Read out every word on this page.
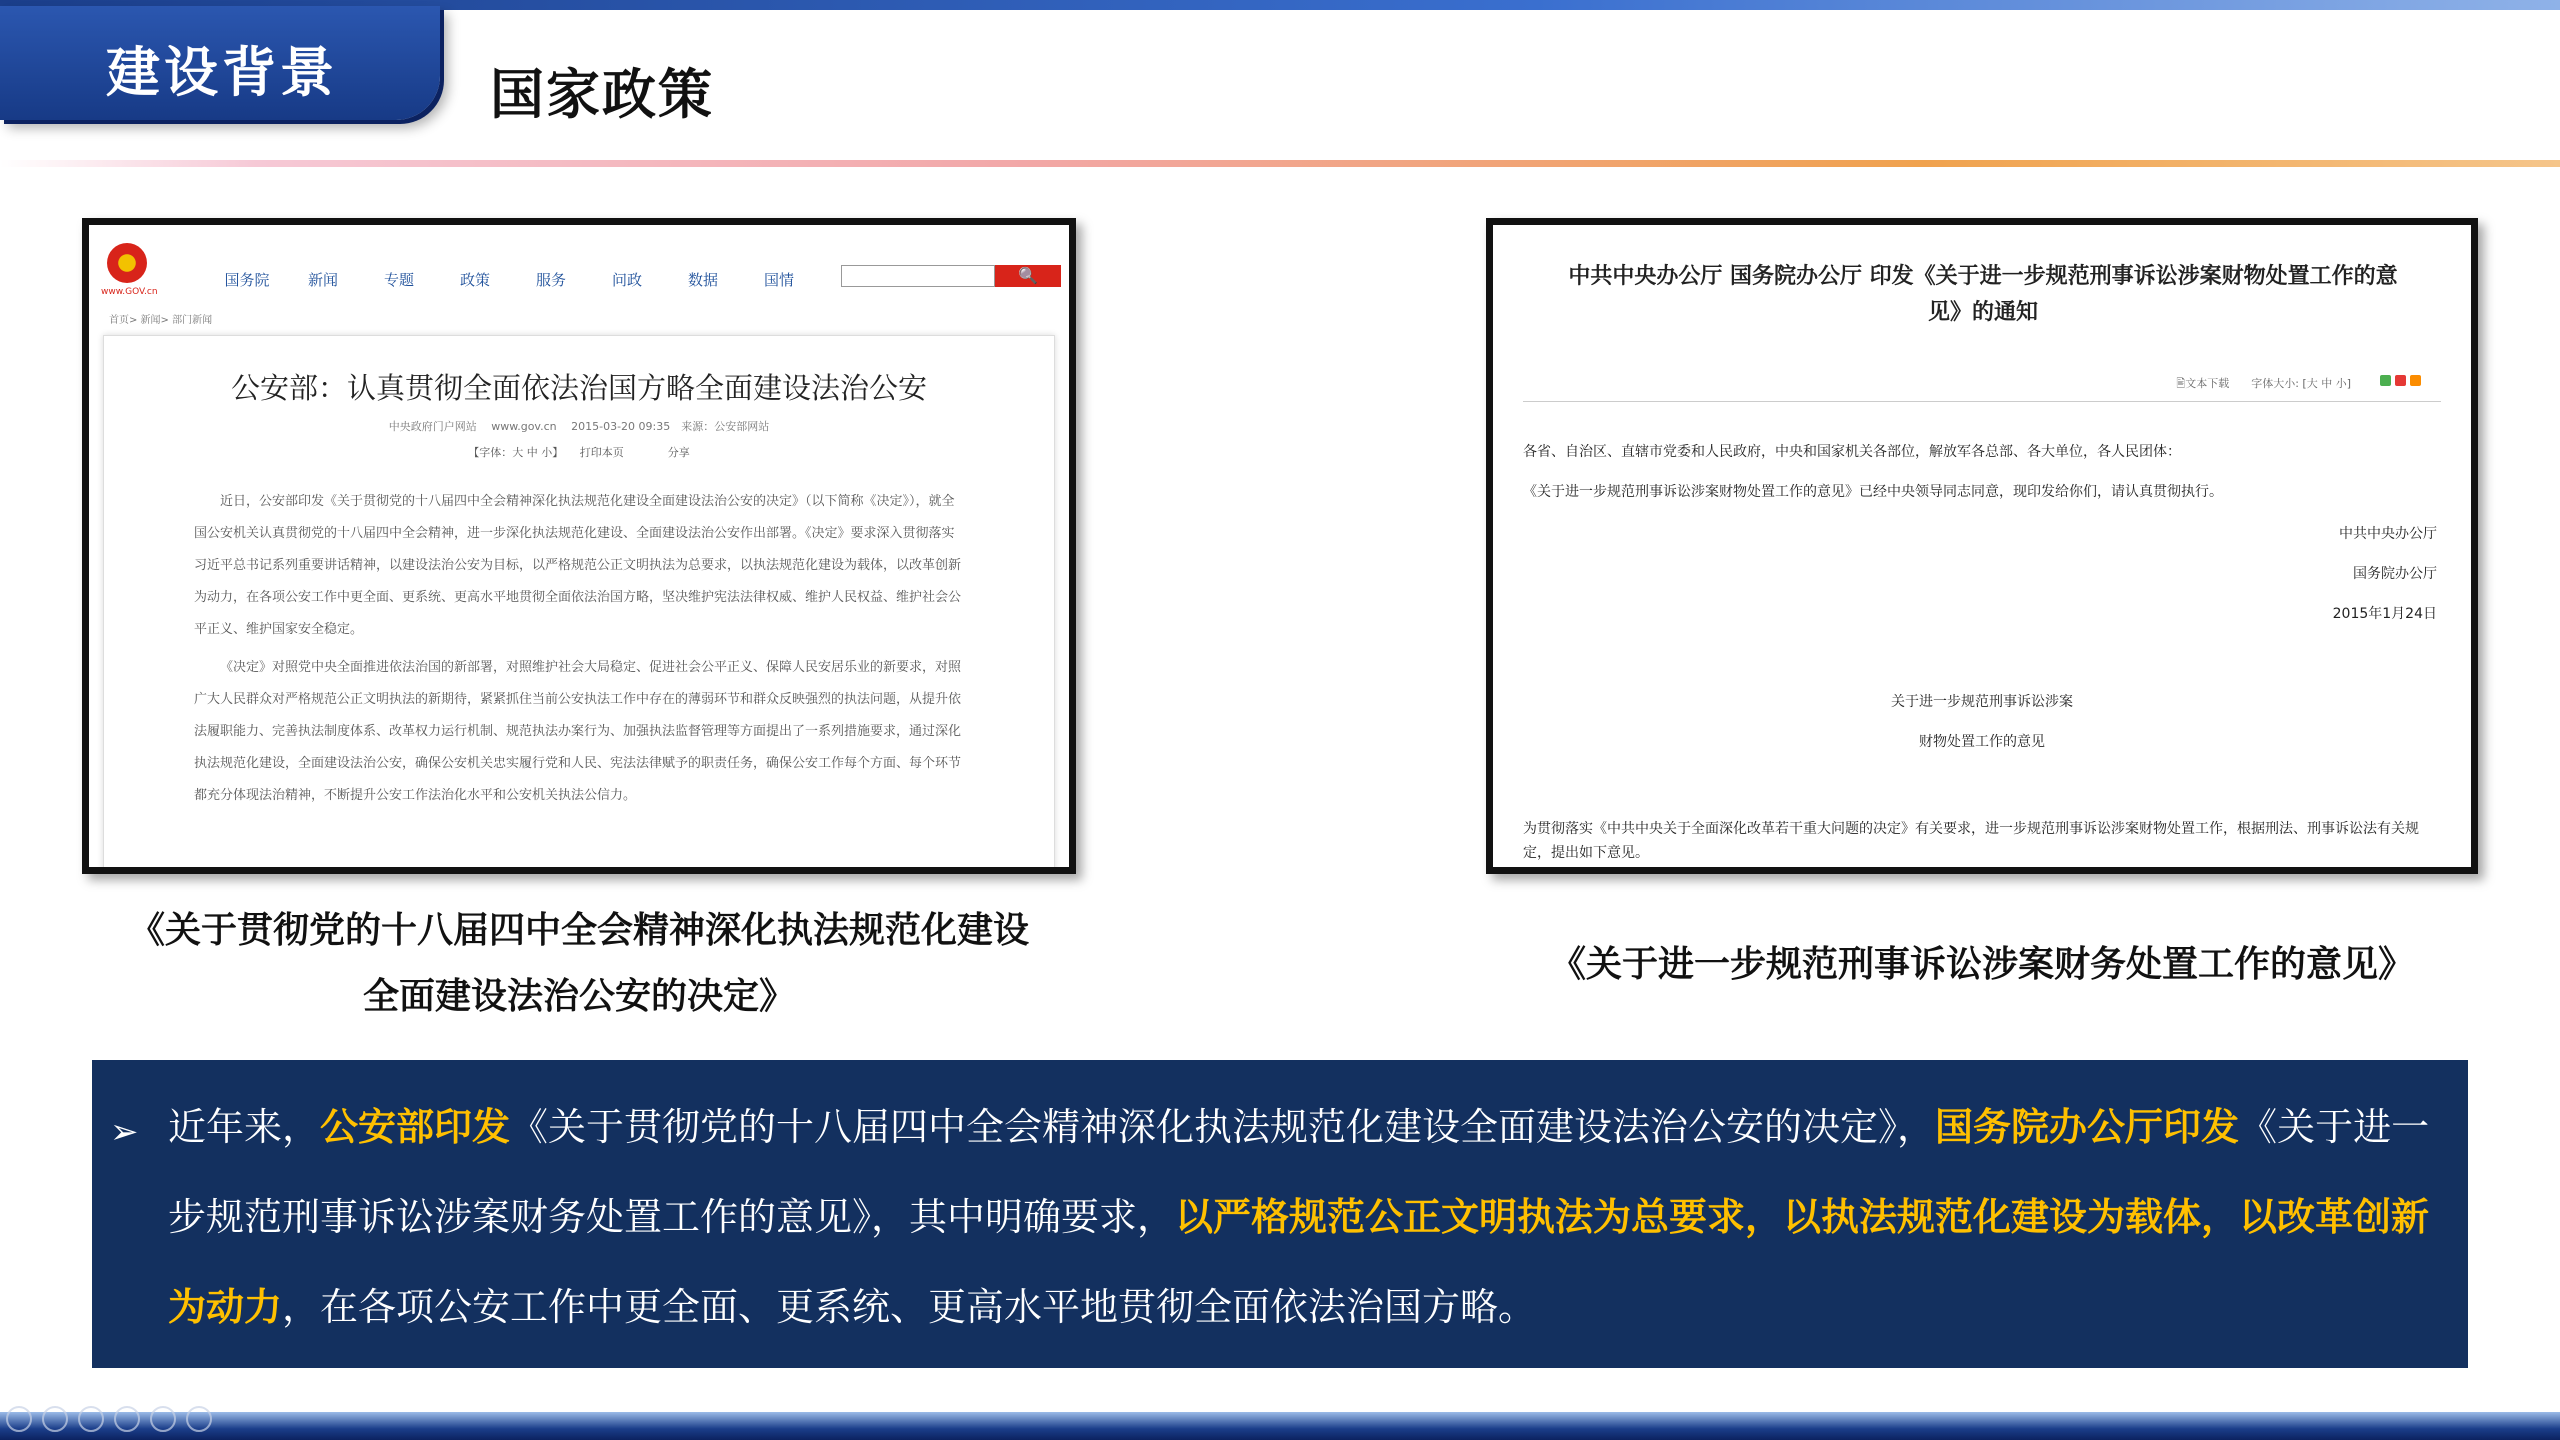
建设背景	国家政策
www.GOV.cn
国务院	新闻	专题	政策	服务	问政	数据	国情	🔍
首页> 新闻> 部门新闻
公安部：认真贯彻全面依法治国方略全面建设法治公安
中央政府门户网站　 www.gov.cn　 2015-03-20 09:35　来源：公安部网站
【字体：大 中 小】　　打印本页　　　　分享

近日，公安部印发《关于贯彻党的十八届四中全会精神深化执法规范化建设全面建设法治公安的决定》（以下简称《决定》），就全国公安机关认真贯彻党的十八届四中全会精神，进一步深化执法规范化建设、全面建设法治公安作出部署。《决定》要求深入贯彻落实习近平总书记系列重要讲话精神，以建设法治公安为目标，以严格规范公正文明执法为总要求，以执法规范化建设为载体，以改革创新为动力，在各项公安工作中更全面、更系统、更高水平地贯彻全面依法治国方略，坚决维护宪法法律权威、维护人民权益、维护社会公平正义、维护国家安全稳定。

《决定》对照党中央全面推进依法治国的新部署，对照维护社会大局稳定、促进社会公平正义、保障人民安居乐业的新要求，对照广大人民群众对严格规范公正文明执法的新期待，紧紧抓住当前公安执法工作中存在的薄弱环节和群众反映强烈的执法问题，从提升依法履职能力、完善执法制度体系、改革权力运行机制、规范执法办案行为、加强执法监督管理等方面提出了一系列措施要求，通过深化执法规范化建设，全面建设法治公安，确保公安机关忠实履行党和人民、宪法法律赋予的职责任务，确保公安工作每个方面、每个环节都充分体现法治精神，不断提升公安工作法治化水平和公安机关执法公信力。

中共中央办公厅 国务院办公厅 印发《关于进一步规范刑事诉讼涉案财物处置工作的意见》的通知
🖹文本下载　　字体大小: [大 中 小]
各省、自治区、直辖市党委和人民政府，中央和国家机关各部位，解放军各总部、各大单位，各人民团体：
《关于进一步规范刑事诉讼涉案财物处置工作的意见》已经中央领导同志同意，现印发给你们，请认真贯彻执行。
中共中央办公厅
国务院办公厅
2015年1月24日
关于进一步规范刑事诉讼涉案
财物处置工作的意见
为贯彻落实《中共中央关于全面深化改革若干重大问题的决定》有关要求，进一步规范刑事诉讼涉案财物处置工作，根据刑法、刑事诉讼法有关规定，提出如下意见。
《关于贯彻党的十八届四中全会精神深化执法规范化建设
全面建设法治公安的决定》
《关于进一步规范刑事诉讼涉案财务处置工作的意见》
➢ 近年来，公安部印发《关于贯彻党的十八届四中全会精神深化执法规范化建设全面建设法治公安的决定》，国务院办公厅印发《关于进一步规范刑事诉讼涉案财务处置工作的意见》，其中明确要求，以严格规范公正文明执法为总要求，以执法规范化建设为载体，以改革创新为动力，在各项公安工作中更全面、更系统、更高水平地贯彻全面依法治国方略。
